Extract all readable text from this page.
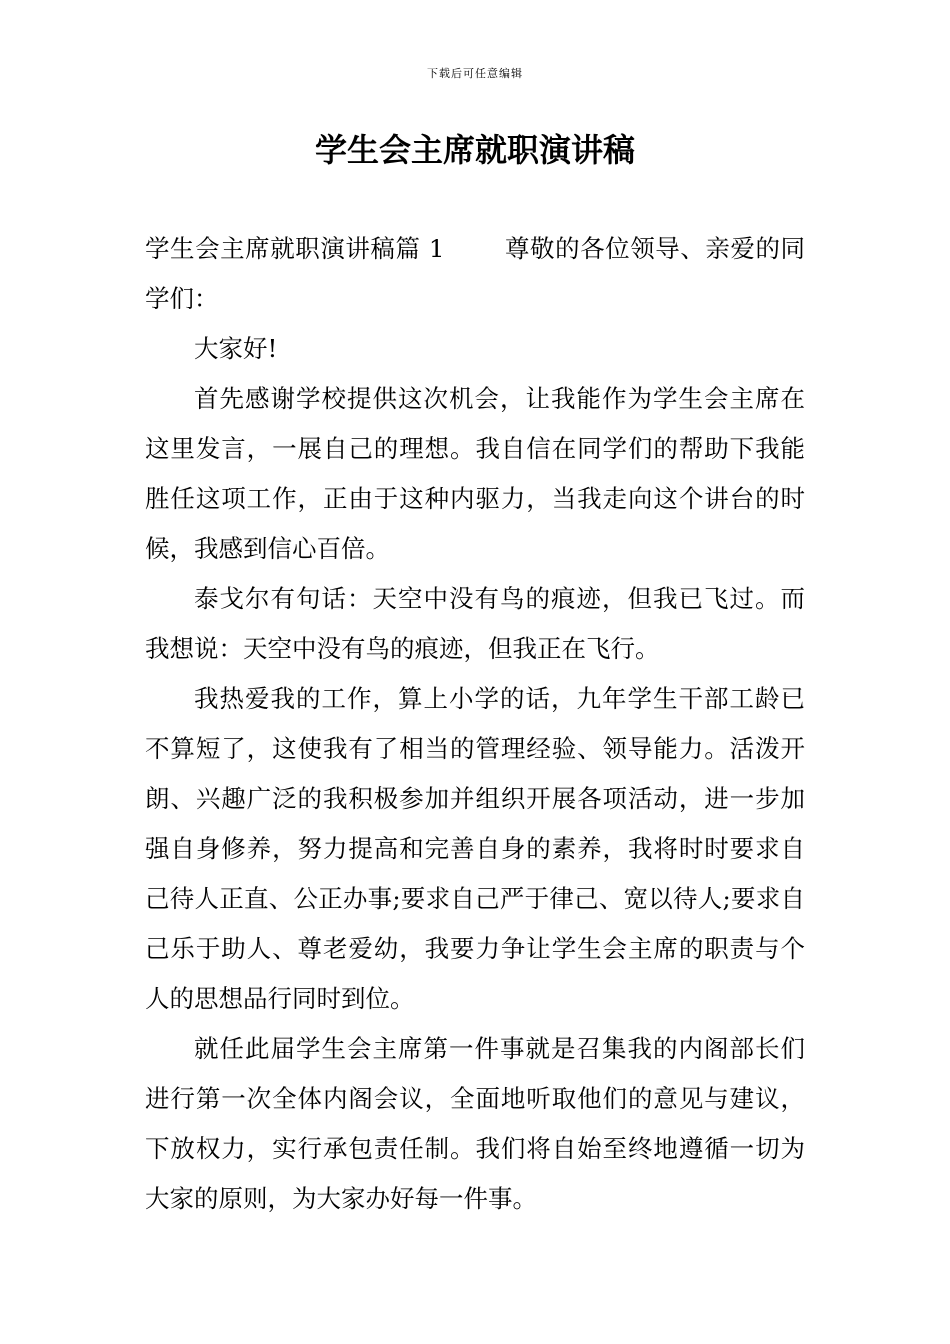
下载后可任意编辑
学生会主席就职演讲稿

学生会主席就职演讲稿篇 1 尊敬的各位领导、亲爱的同学们：

大家好!

首先感谢学校提供这次机会，让我能作为学生会主席在这里发言，一展自己的理想。我自信在同学们的帮助下我能胜任这项工作，正由于这种内驱力，当我走向这个讲台的时候，我感到信心百倍。

泰戈尔有句话：天空中没有鸟的痕迹，但我已飞过。而我想说：天空中没有鸟的痕迹，但我正在飞行。

我热爱我的工作，算上小学的话，九年学生干部工龄已不算短了，这使我有了相当的管理经验、领导能力。活泼开朗、兴趣广泛的我积极参加并组织开展各项活动，进一步加强自身修养，努力提高和完善自身的素养，我将时时要求自己待人正直、公正办事;要求自己严于律己、宽以待人;要求自己乐于助人、尊老爱幼，我要力争让学生会主席的职责与个人的思想品行同时到位。

就任此届学生会主席第一件事就是召集我的内阁部长们进行第一次全体内阁会议，全面地听取他们的意见与建议，下放权力，实行承包责任制。我们将自始至终地遵循一切为大家的原则，为大家办好每一件事。
